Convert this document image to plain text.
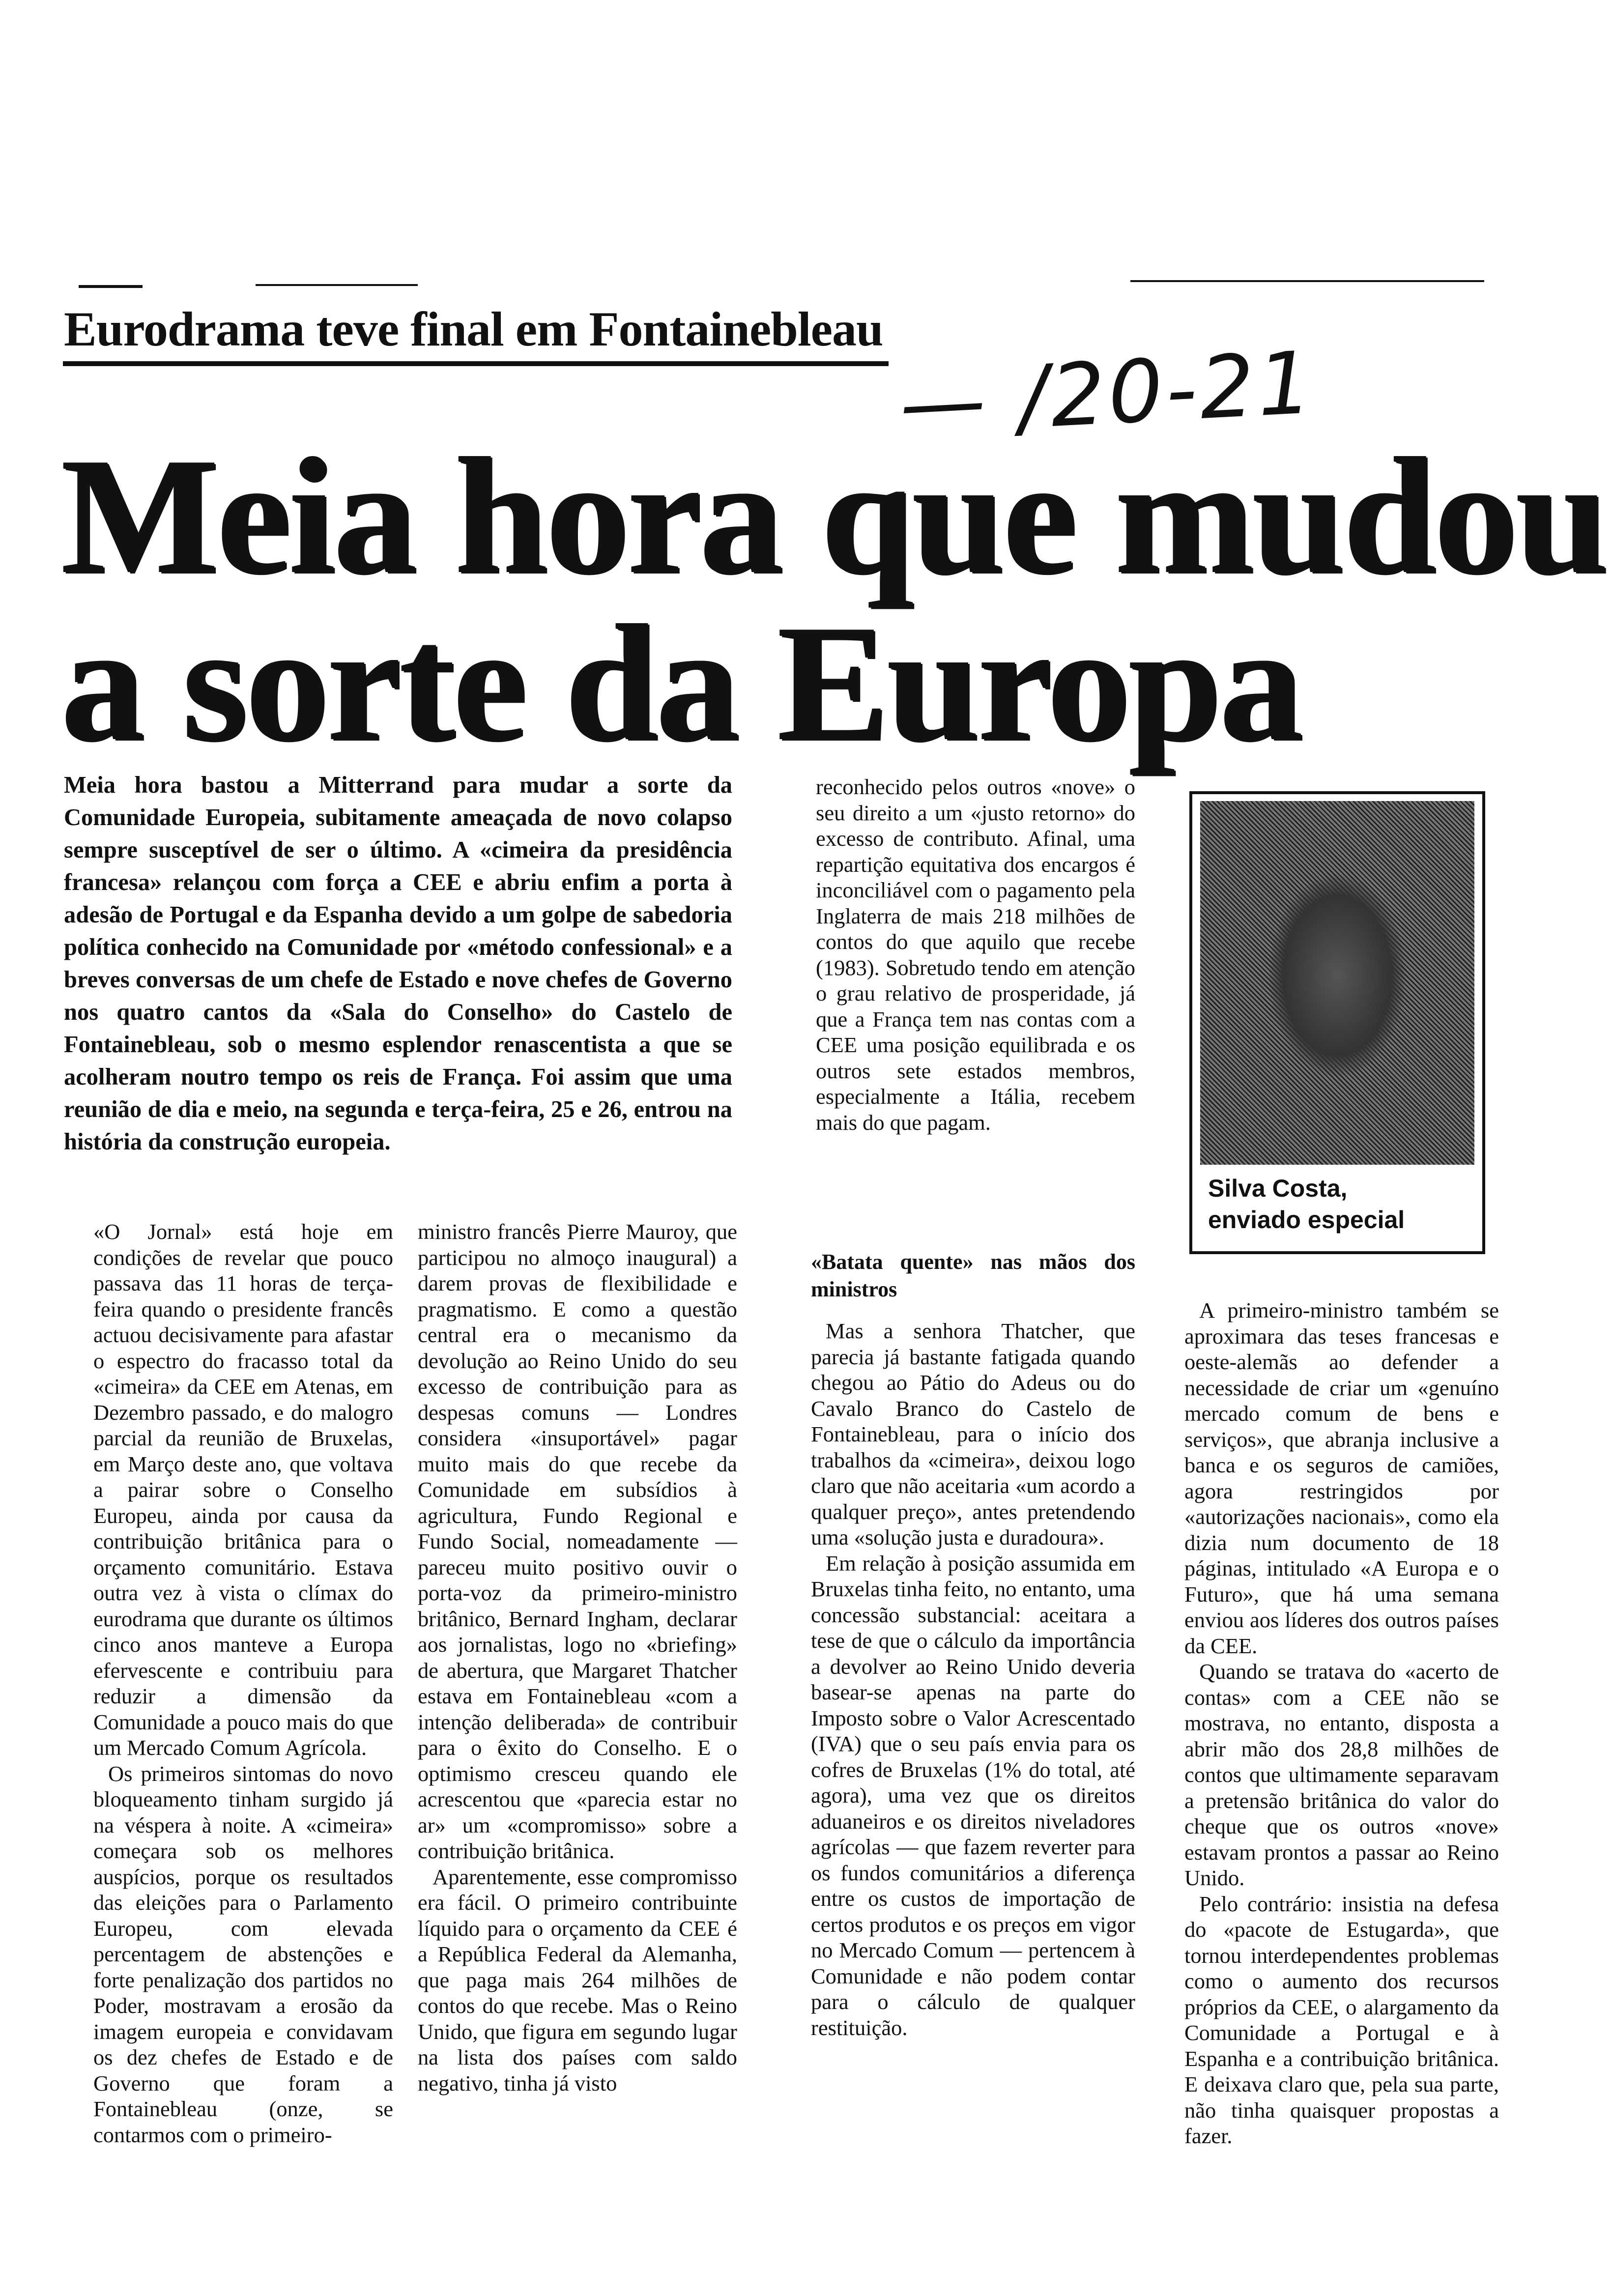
Eurodrama teve final em Fontainebleau
— /20-21
Meia hora que mudou
a sorte da Europa
Meia hora bastou a Mitterrand para mudar a sorte da Comunidade Europeia, subitamente ameaçada de novo colapso sempre susceptível de ser o último. A «cimeira da presidência francesa» relançou com força a CEE e abriu enfim a porta à adesão de Portugal e da Espanha devido a um golpe de sabedoria política conhecido na Comunidade por «método confessional» e a breves conversas de um chefe de Estado e nove chefes de Governo nos quatro cantos da «Sala do Conselho» do Castelo de Fontainebleau, sob o mesmo esplendor renascentista a que se acolheram noutro tempo os reis de França. Foi assim que uma reunião de dia e meio, na segunda e terça-feira, 25 e 26, entrou na história da construção europeia.
Silva Costa,
enviado especial

«O Jornal» está hoje em condições de revelar que pouco passava das 11 horas de terça-feira quando o presidente francês actuou decisivamente para afastar o espectro do fracasso total da «cimeira» da CEE em Atenas, em Dezembro passado, e do malogro parcial da reunião de Bruxelas, em Março deste ano, que voltava a pairar sobre o Conselho Europeu, ainda por causa da contribuição britânica para o orçamento comunitário. Estava outra vez à vista o clímax do eurodrama que durante os últimos cinco anos manteve a Europa efervescente e contribuiu para reduzir a dimensão da Comunidade a pouco mais do que um Mercado Comum Agrícola.

Os primeiros sintomas do novo bloqueamento tinham surgido já na véspera à noite. A «cimeira» começara sob os melhores auspícios, porque os resultados das eleições para o Parlamento Europeu, com elevada percentagem de abstenções e forte penalização dos partidos no Poder, mostravam a erosão da imagem europeia e convidavam os dez chefes de Estado e de Governo que foram a Fontainebleau (onze, se contarmos com o primeiro-

ministro francês Pierre Mauroy, que participou no almoço inaugural) a darem provas de flexibilidade e pragmatismo. E como a questão central era o mecanismo da devolução ao Reino Unido do seu excesso de contribuição para as despesas comuns — Londres considera «insuportável» pagar muito mais do que recebe da Comunidade em subsídios à agricultura, Fundo Regional e Fundo Social, nomeadamente — pareceu muito positivo ouvir o porta-voz da primeiro-ministro britânico, Bernard Ingham, declarar aos jornalistas, logo no «briefing» de abertura, que Margaret Thatcher estava em Fontainebleau «com a intenção deliberada» de contribuir para o êxito do Conselho. E o optimismo cresceu quando ele acrescentou que «parecia estar no ar» um «compromisso» sobre a contribuição britânica.

Aparentemente, esse compromisso era fácil. O primeiro contribuinte líquido para o orçamento da CEE é a República Federal da Alemanha, que paga mais 264 milhões de contos do que recebe. Mas o Reino Unido, que figura em segundo lugar na lista dos países com saldo negativo, tinha já visto

reconhecido pelos outros «nove» o seu direito a um «justo retorno» do excesso de contributo. Afinal, uma repartição equitativa dos encargos é inconciliável com o pagamento pela Inglaterra de mais 218 milhões de contos do que aquilo que recebe (1983). Sobretudo tendo em atenção o grau relativo de prosperidade, já que a França tem nas contas com a CEE uma posição equilibrada e os outros sete estados membros, especialmente a Itália, recebem mais do que pagam.

«Batata quente» nas mãos dos ministros

Mas a senhora Thatcher, que parecia já bastante fatigada quando chegou ao Pátio do Adeus ou do Cavalo Branco do Castelo de Fontainebleau, para o início dos trabalhos da «cimeira», deixou logo claro que não aceitaria «um acordo a qualquer preço», antes pretendendo uma «solução justa e duradoura».

Em relação à posição assumida em Bruxelas tinha feito, no entanto, uma concessão substancial: aceitara a tese de que o cálculo da importância a devolver ao Reino Unido deveria basear-se apenas na parte do Imposto sobre o Valor Acrescentado (IVA) que o seu país envia para os cofres de Bruxelas (1% do total, até agora), uma vez que os direitos aduaneiros e os direitos niveladores agrícolas — que fazem reverter para os fundos comunitários a diferença entre os custos de importação de certos produtos e os preços em vigor no Mercado Comum — pertencem à Comunidade e não podem contar para o cálculo de qualquer restituição.

A primeiro-ministro também se aproximara das teses francesas e oeste-alemãs ao defender a necessidade de criar um «genuíno mercado comum de bens e serviços», que abranja inclusive a banca e os seguros de camiões, agora restringidos por «autorizações nacionais», como ela dizia num documento de 18 páginas, intitulado «A Europa e o Futuro», que há uma semana enviou aos líderes dos outros países da CEE.

Quando se tratava do «acerto de contas» com a CEE não se mostrava, no entanto, disposta a abrir mão dos 28,8 milhões de contos que ultimamente separavam a pretensão britânica do valor do cheque que os outros «nove» estavam prontos a passar ao Reino Unido.

Pelo contrário: insistia na defesa do «pacote de Estugarda», que tornou interdependentes problemas como o aumento dos recursos próprios da CEE, o alargamento da Comunidade a Portugal e à Espanha e a contribuição britânica. E deixava claro que, pela sua parte, não tinha quaisquer propostas a fazer.
